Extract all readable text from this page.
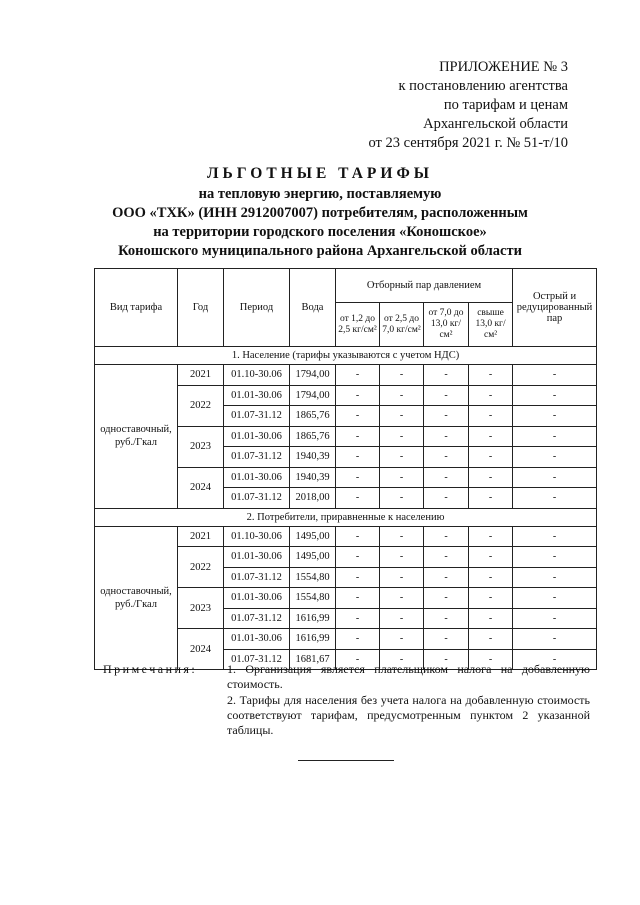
ПРИЛОЖЕНИЕ № 3
к постановлению агентства
по тарифам и ценам
Архангельской области
от 23 сентября 2021 г. № 51-т/10
ЛЬГОТНЫЕ ТАРИФЫ
на тепловую энергию, поставляемую
ООО «ТХК» (ИНН 2912007007) потребителям, расположенным
на территории городского поселения «Коношское»
Коношского муниципального района Архангельской области
Вид тарифа	Год	Период	Вода	Отборный пар давлением				Острый и редуцированный пар
				от 1,2 до 2,5 кг/см²	от 2,5 до 7,0 кг/см²	от 7,0 до 13,0 кг/см²	свыше 13,0 кг/см²	
1. Население (тарифы указываются с учетом НДС)								
одноставочный, руб./Гкал	2021	01.10-30.06	1794,00	-	-	-	-	-
	2022	01.01-30.06	1794,00	-	-	-	-	-
		01.07-31.12	1865,76	-	-	-	-	-
	2023	01.01-30.06	1865,76	-	-	-	-	-
		01.07-31.12	1940,39	-	-	-	-	-
	2024	01.01-30.06	1940,39	-	-	-	-	-
		01.07-31.12	2018,00	-	-	-	-	-
2. Потребители, приравненные к населению								
одноставочный, руб./Гкал	2021	01.10-30.06	1495,00	-	-	-	-	-
	2022	01.01-30.06	1495,00	-	-	-	-	-
		01.07-31.12	1554,80	-	-	-	-	-
	2023	01.01-30.06	1554,80	-	-	-	-	-
		01.07-31.12	1616,99	-	-	-	-	-
	2024	01.01-30.06	1616,99	-	-	-	-	-
		01.07-31.12	1681,67	-	-	-	-	-
Примечания: 1. Организация является плательщиком налога на добавленную стоимость.

2. Тарифы для населения без учета налога на добавленную стоимость соответствуют тарифам, предусмотренным пунктом 2 указанной таблицы.
